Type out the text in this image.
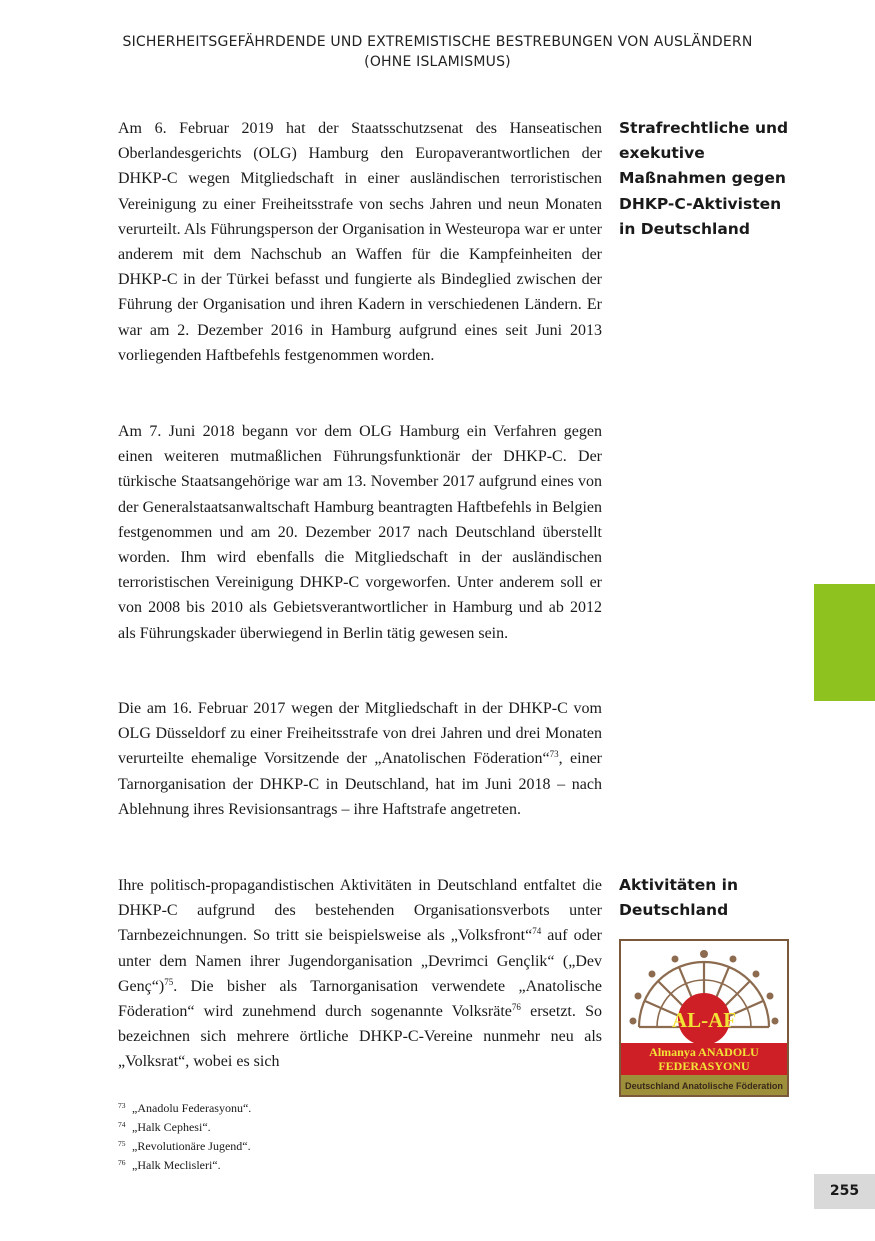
SICHERHEITSGEFÄHRDENDE UND EXTREMISTISCHE BESTREBUNGEN VON AUSLÄNDERN
(OHNE ISLAMISMUS)

Am 6. Februar 2019 hat der Staatsschutzsenat des Hanseatischen Oberlandesgerichts (OLG) Hamburg den Europaverantwortlichen der DHKP-C wegen Mitgliedschaft in einer ausländischen terroristischen Vereinigung zu einer Freiheitsstrafe von sechs Jahren und neun Monaten verurteilt. Als Führungsperson der Organisation in Westeuropa war er unter anderem mit dem Nachschub an Waffen für die Kampfeinheiten der DHKP-C in der Türkei befasst und fungierte als Bindeglied zwischen der Führung der Organisation und ihren Kadern in verschiedenen Ländern. Er war am 2. Dezember 2016 in Hamburg aufgrund eines seit Juni 2013 vorliegenden Haftbefehls festgenommen worden.

Am 7. Juni 2018 begann vor dem OLG Hamburg ein Verfahren gegen einen weiteren mutmaßlichen Führungsfunktionär der DHKP-C. Der türkische Staatsangehörige war am 13. November 2017 aufgrund eines von der Generalstaatsanwaltschaft Hamburg beantragten Haftbefehls in Belgien festgenommen und am 20. Dezember 2017 nach Deutschland überstellt worden. Ihm wird ebenfalls die Mitgliedschaft in der ausländischen terroristischen Vereinigung DHKP-C vorgeworfen. Unter anderem soll er von 2008 bis 2010 als Gebietsverantwortlicher in Hamburg und ab 2012 als Führungskader überwiegend in Berlin tätig gewesen sein.

Die am 16. Februar 2017 wegen der Mitgliedschaft in der DHKP-C vom OLG Düsseldorf zu einer Freiheitsstrafe von drei Jahren und drei Monaten verurteilte ehemalige Vorsitzende der „Anatolischen Föderation“$^{73}$, einer Tarnorganisation der DHKP-C in Deutschland, hat im Juni 2018 – nach Ablehnung ihres Revisionsantrags – ihre Haftstrafe angetreten.

Ihre politisch-propagandistischen Aktivitäten in Deutschland entfaltet die DHKP-C aufgrund des bestehenden Organisationsverbots unter Tarnbezeichnungen. So tritt sie beispielsweise als „Volksfront“$^{74}$ auf oder unter dem Namen ihrer Jugendorganisation „Devrimci Gençlik“ („Dev Genç“)$^{75}$. Die bisher als Tarnorganisation verwendete „Anatolische Föderation“ wird zunehmend durch sogenannte Volksräte$^{76}$ ersetzt. So bezeichnen sich mehrere örtliche DHKP-C-Vereine nunmehr neu als „Volksrat“, wobei es sich

Strafrechtliche und exekutive Maßnahmen gegen DHKP-C-Aktivisten in Deutschland
Aktivitäten in Deutschland
AL-AF
Almanya ANADOLU
FEDERASYONU
Deutschland Anatolische Föderation
73 „Anadolu Federasyonu“.
74 „Halk Cephesi“.
75 „Revolutionäre Jugend“.
76 „Halk Meclisleri“.
255
